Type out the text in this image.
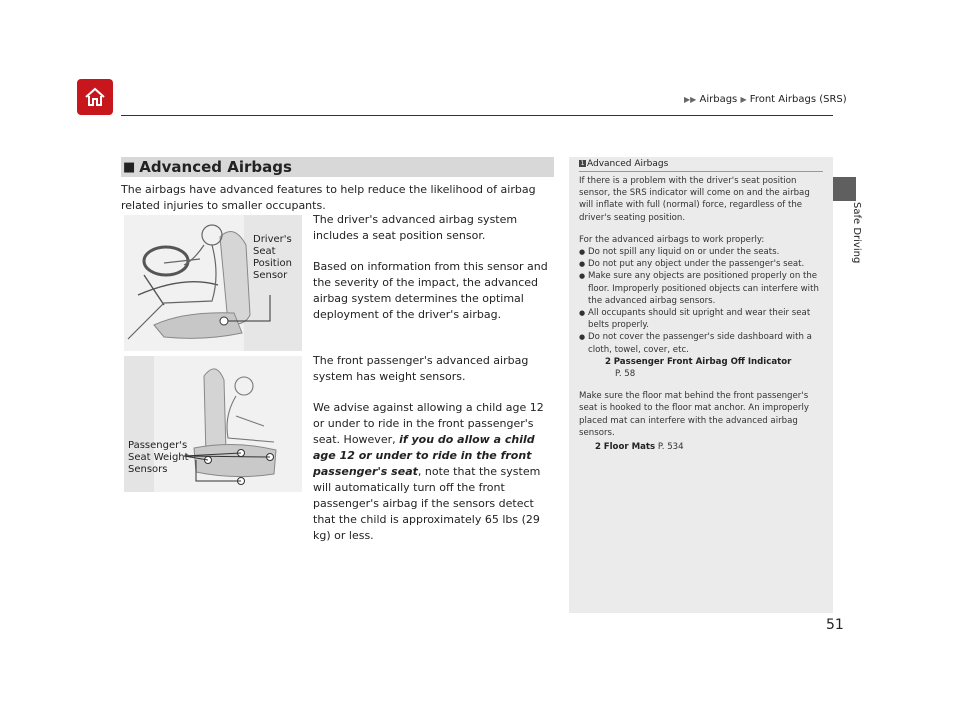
▶▶ Airbags ▶ Front Airbags (SRS)
Safe Driving
■ Advanced Airbags
The airbags have advanced features to help reduce the likelihood of airbag related injuries to smaller occupants.
Driver's
Seat
Position
Sensor
Passenger's
Seat Weight
Sensors

The driver's advanced airbag system includes a seat position sensor.

Based on information from this sensor and the severity of the impact, the advanced airbag system determines the optimal deployment of the driver's airbag.

The front passenger's advanced airbag system has weight sensors.

We advise against allowing a child age 12 or under to ride in the front passenger's seat. However, if you do allow a child age 12 or under to ride in the front passenger's seat, note that the system will automatically turn off the front passenger's airbag if the sensors detect that the child is approximately 65 lbs (29 kg) or less.

1 Advanced Airbags

If there is a problem with the driver's seat position sensor, the SRS indicator will come on and the airbag will inflate with full (normal) force, regardless of the driver's seating position.

For the advanced airbags to work properly:
● Do not spill any liquid on or under the seats.
● Do not put any object under the passenger's seat.
● Make sure any objects are positioned properly on the floor. Improperly positioned objects can interfere with the advanced airbag sensors.
● All occupants should sit upright and wear their seat belts properly.
● Do not cover the passenger's side dashboard with a cloth, towel, cover, etc.

2 Passenger Front Airbag Off Indicator
P. 58

Make sure the floor mat behind the front passenger's seat is hooked to the floor mat anchor. An improperly placed mat can interfere with the advanced airbag sensors.

2 Floor Mats P. 534

51
